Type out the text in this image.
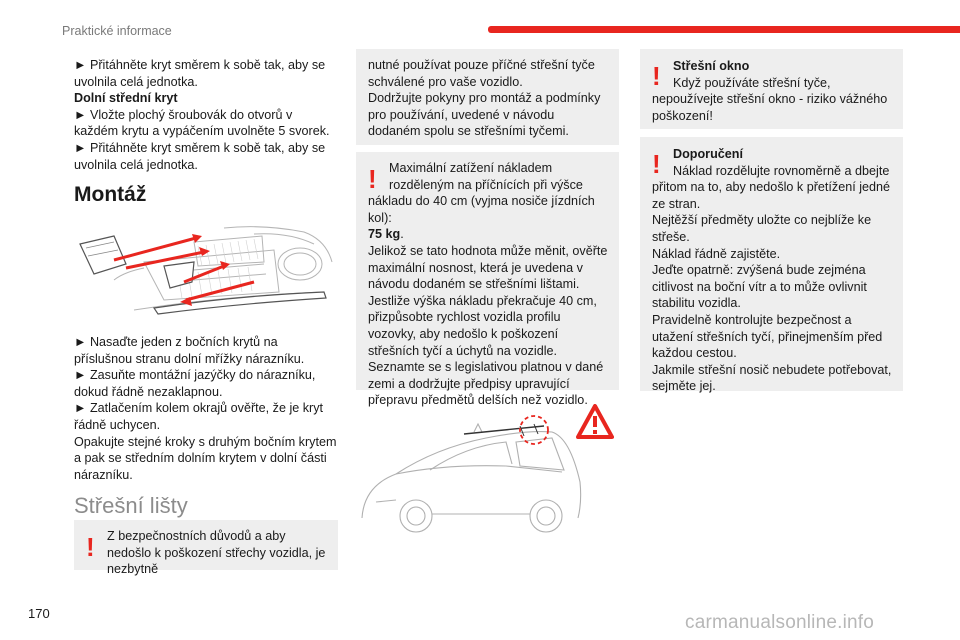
Praktické informace

► Přitáhněte kryt směrem k sobě tak, aby se uvolnila celá jednotka.

Dolní střední kryt

► Vložte plochý šroubovák do otvorů v každém krytu a vypáčením uvolněte 5 svorek.

► Přitáhněte kryt směrem k sobě tak, aby se uvolnila celá jednotka.

Montáž

► Nasaďte jeden z bočních krytů na příslušnou stranu dolní mřížky nárazníku.

► Zasuňte montážní jazýčky do nárazníku, dokud řádně nezaklapnou.

► Zatlačením kolem okrajů ověřte, že je kryt řádně uchycen.

Opakujte stejné kroky s druhým bočním krytem a pak se středním dolním krytem v dolní části nárazníku.

Střešní lišty
! Z bezpečnostních důvodů a aby nedošlo k poškození střechy vozidla, je nezbytně
nutné používat pouze příčné střešní tyče schválené pro vaše vozidlo.
Dodržujte pokyny pro montáž a podmínky pro používání, uvedené v návodu dodaném spolu se střešními tyčemi.
! Maximální zatížení nákladem rozděleným na příčnících při výšce
nákladu do 40 cm (vyjma nosiče jízdních kol):
75 kg.
Jelikož se tato hodnota může měnit, ověřte maximální nosnost, která je uvedena v návodu dodaném se střešními lištami.
Jestliže výška nákladu překračuje 40 cm, přizpůsobte rychlost vozidla profilu vozovky, aby nedošlo k poškození střešních tyčí a úchytů na vozidle.
Seznamte se s legislativou platnou v dané zemi a dodržujte předpisy upravující přepravu předmětů delších než vozidlo.
! Střešní okno
Když používáte střešní tyče,
nepoužívejte střešní okno - riziko vážného poškození!
! Doporučení
Náklad rozdělujte rovnoměrně a dbejte
přitom na to, aby nedošlo k přetížení jedné ze stran.
Nejtěžší předměty uložte co nejblíže ke střeše.
Náklad řádně zajistěte.
Jeďte opatrně: zvýšená bude zejména citlivost na boční vítr a to může ovlivnit stabilitu vozidla.
Pravidelně kontrolujte bezpečnost a utažení střešních tyčí, přinejmenším před každou cestou.
Jakmile střešní nosič nebudete potřebovat, sejměte jej.
170	carmanualsonline.info
